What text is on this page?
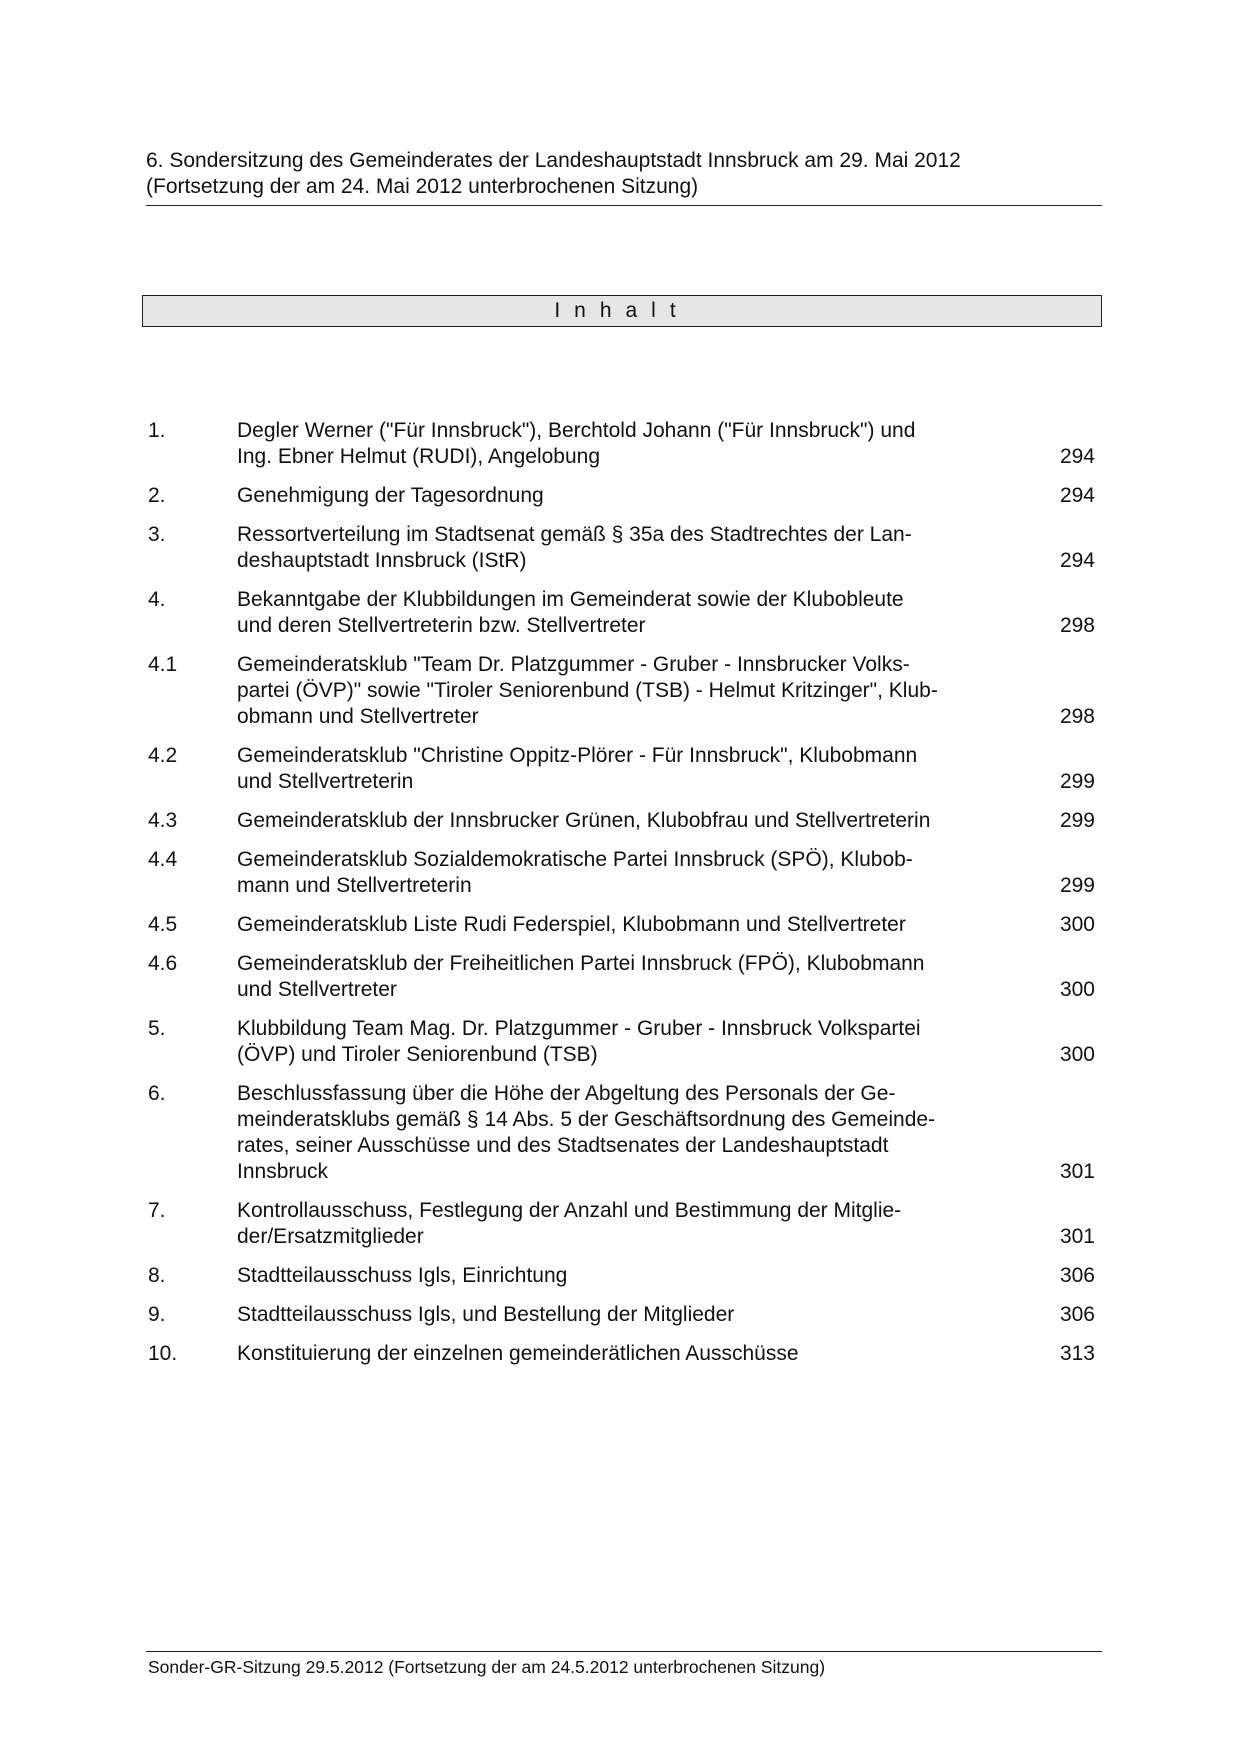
6. Sondersitzung des Gemeinderates der Landeshauptstadt Innsbruck am 29. Mai 2012
(Fortsetzung der am 24. Mai 2012 unterbrochenen Sitzung)
Inhalt
1.	Degler Werner ("Für Innsbruck"), Berchtold Johann ("Für Innsbruck") und
Ing. Ebner Helmut (RUDI), Angelobung	294
2.	Genehmigung der Tagesordnung	294
3.	Ressortverteilung im Stadtsenat gemäß § 35a des Stadtrechtes der Lan-
deshauptstadt Innsbruck (IStR)	294
4.	Bekanntgabe der Klubbildungen im Gemeinderat sowie der Klubobleute
und deren Stellvertreterin bzw. Stellvertreter	298
4.1	Gemeinderatsklub "Team Dr. Platzgummer - Gruber - Innsbrucker Volks-
partei (ÖVP)" sowie "Tiroler Seniorenbund (TSB) - Helmut Kritzinger", Klub-
obmann und Stellvertreter	298
4.2	Gemeinderatsklub "Christine Oppitz-Plörer - Für Innsbruck", Klubobmann
und Stellvertreterin	299
4.3	Gemeinderatsklub der Innsbrucker Grünen, Klubobfrau und Stellvertreterin	299
4.4	Gemeinderatsklub Sozialdemokratische Partei Innsbruck (SPÖ), Klubob-
mann und Stellvertreterin	299
4.5	Gemeinderatsklub Liste Rudi Federspiel, Klubobmann und Stellvertreter	300
4.6	Gemeinderatsklub der Freiheitlichen Partei Innsbruck (FPÖ), Klubobmann
und Stellvertreter	300
5.	Klubbildung Team Mag. Dr. Platzgummer - Gruber - Innsbruck Volkspartei
(ÖVP) und Tiroler Seniorenbund (TSB)	300
6.	Beschlussfassung über die Höhe der Abgeltung des Personals der Ge-
meinderatsklubs gemäß § 14 Abs. 5 der Geschäftsordnung des Gemeinde-
rates, seiner Ausschüsse und des Stadtsenates der Landeshauptstadt
Innsbruck	301
7.	Kontrollausschuss, Festlegung der Anzahl und Bestimmung der Mitglie-
der/Ersatzmitglieder	301
8.	Stadtteilausschuss Igls, Einrichtung	306
9.	Stadtteilausschuss Igls, und Bestellung der Mitglieder	306
10.	Konstituierung der einzelnen gemeinderätlichen Ausschüsse	313
Sonder-GR-Sitzung 29.5.2012 (Fortsetzung der am 24.5.2012 unterbrochenen Sitzung)
